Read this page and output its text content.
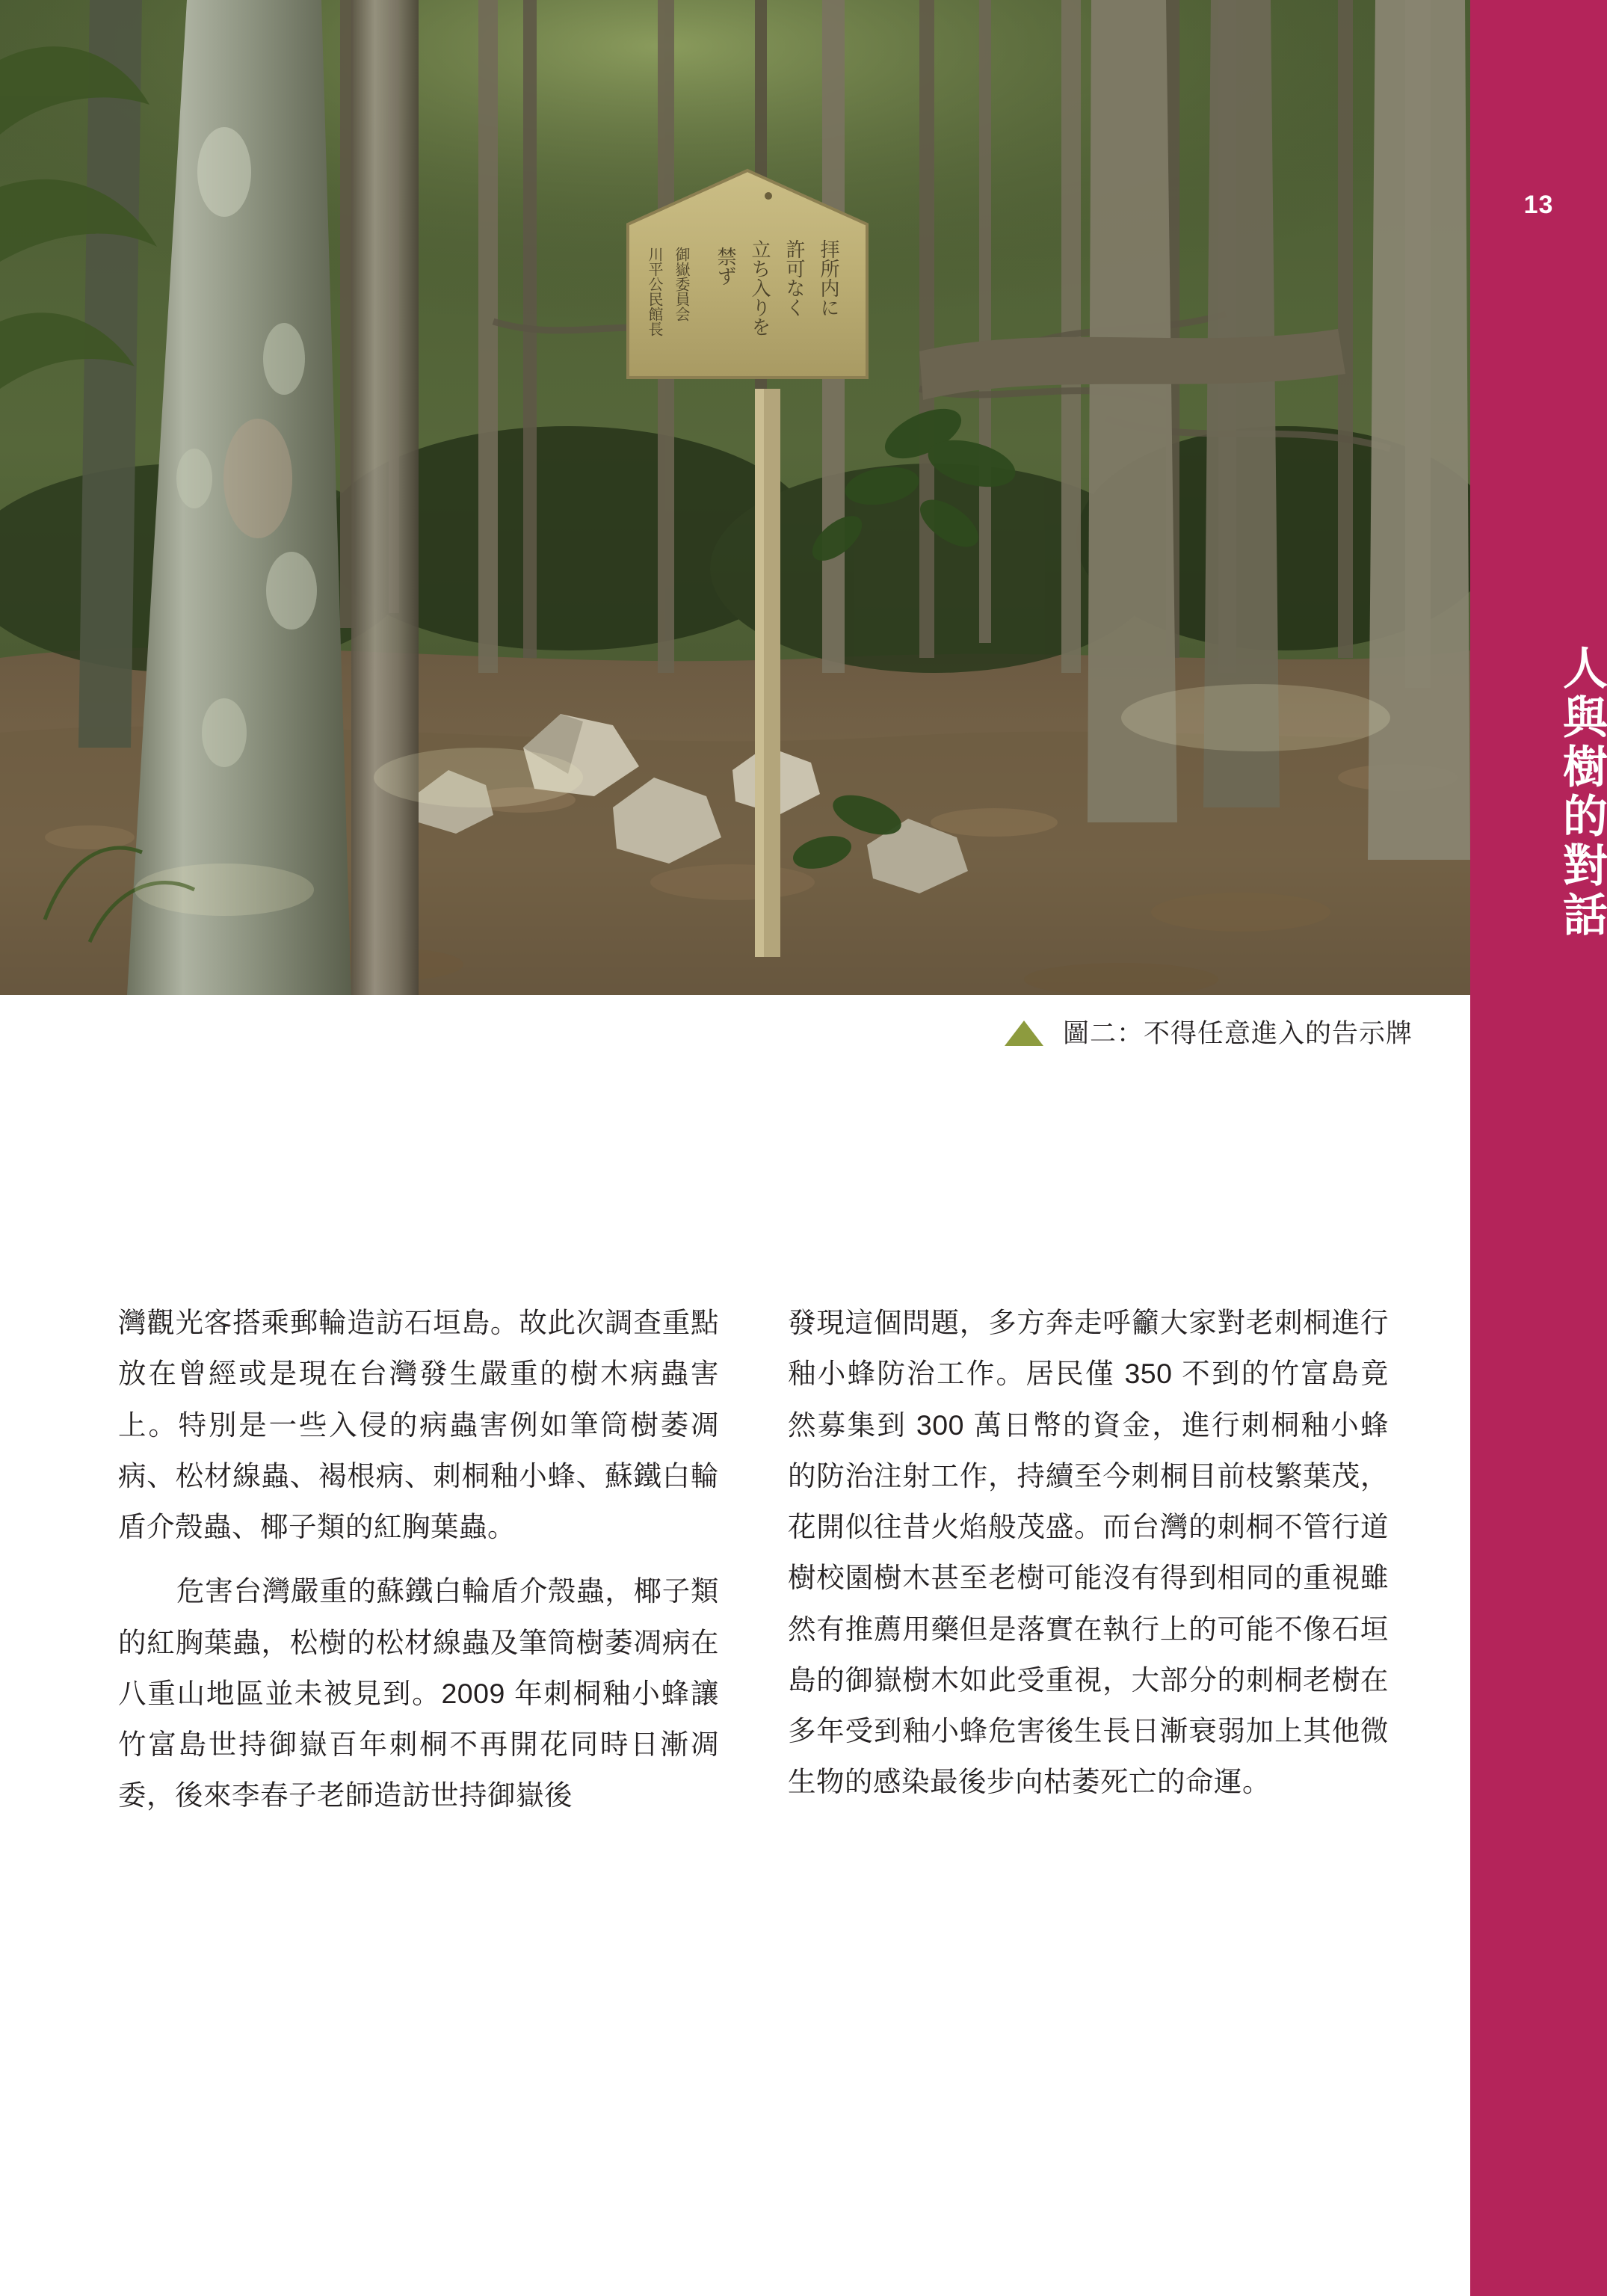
拝所内に
許可なく
立ち入りを
禁ず
御嶽委員会
川平公民館長
圖二：不得任意進入的告示牌

灣觀光客搭乘郵輪造訪石垣島。故此次調查重點放在曾經或是現在台灣發生嚴重的樹木病蟲害上。特別是一些入侵的病蟲害例如筆筒樹萎凋病、松材線蟲、褐根病、刺桐釉小蜂、蘇鐵白輪盾介殼蟲、椰子類的紅胸葉蟲。

危害台灣嚴重的蘇鐵白輪盾介殼蟲，椰子類的紅胸葉蟲，松樹的松材線蟲及筆筒樹萎凋病在八重山地區並未被見到。2009 年刺桐釉小蜂讓竹富島世持御嶽百年刺桐不再開花同時日漸凋委，後來李春子老師造訪世持御嶽後

發現這個問題，多方奔走呼籲大家對老刺桐進行釉小蜂防治工作。居民僅 350 不到的竹富島竟然募集到 300 萬日幣的資金，進行刺桐釉小蜂的防治注射工作，持續至今刺桐目前枝繁葉茂，花開似往昔火焰般茂盛。而台灣的刺桐不管行道樹校園樹木甚至老樹可能沒有得到相同的重視雖然有推薦用藥但是落實在執行上的可能不像石垣島的御嶽樹木如此受重視，大部分的刺桐老樹在多年受到釉小蜂危害後生長日漸衰弱加上其他微生物的感染最後步向枯萎死亡的命運。

13
人與樹的對話
